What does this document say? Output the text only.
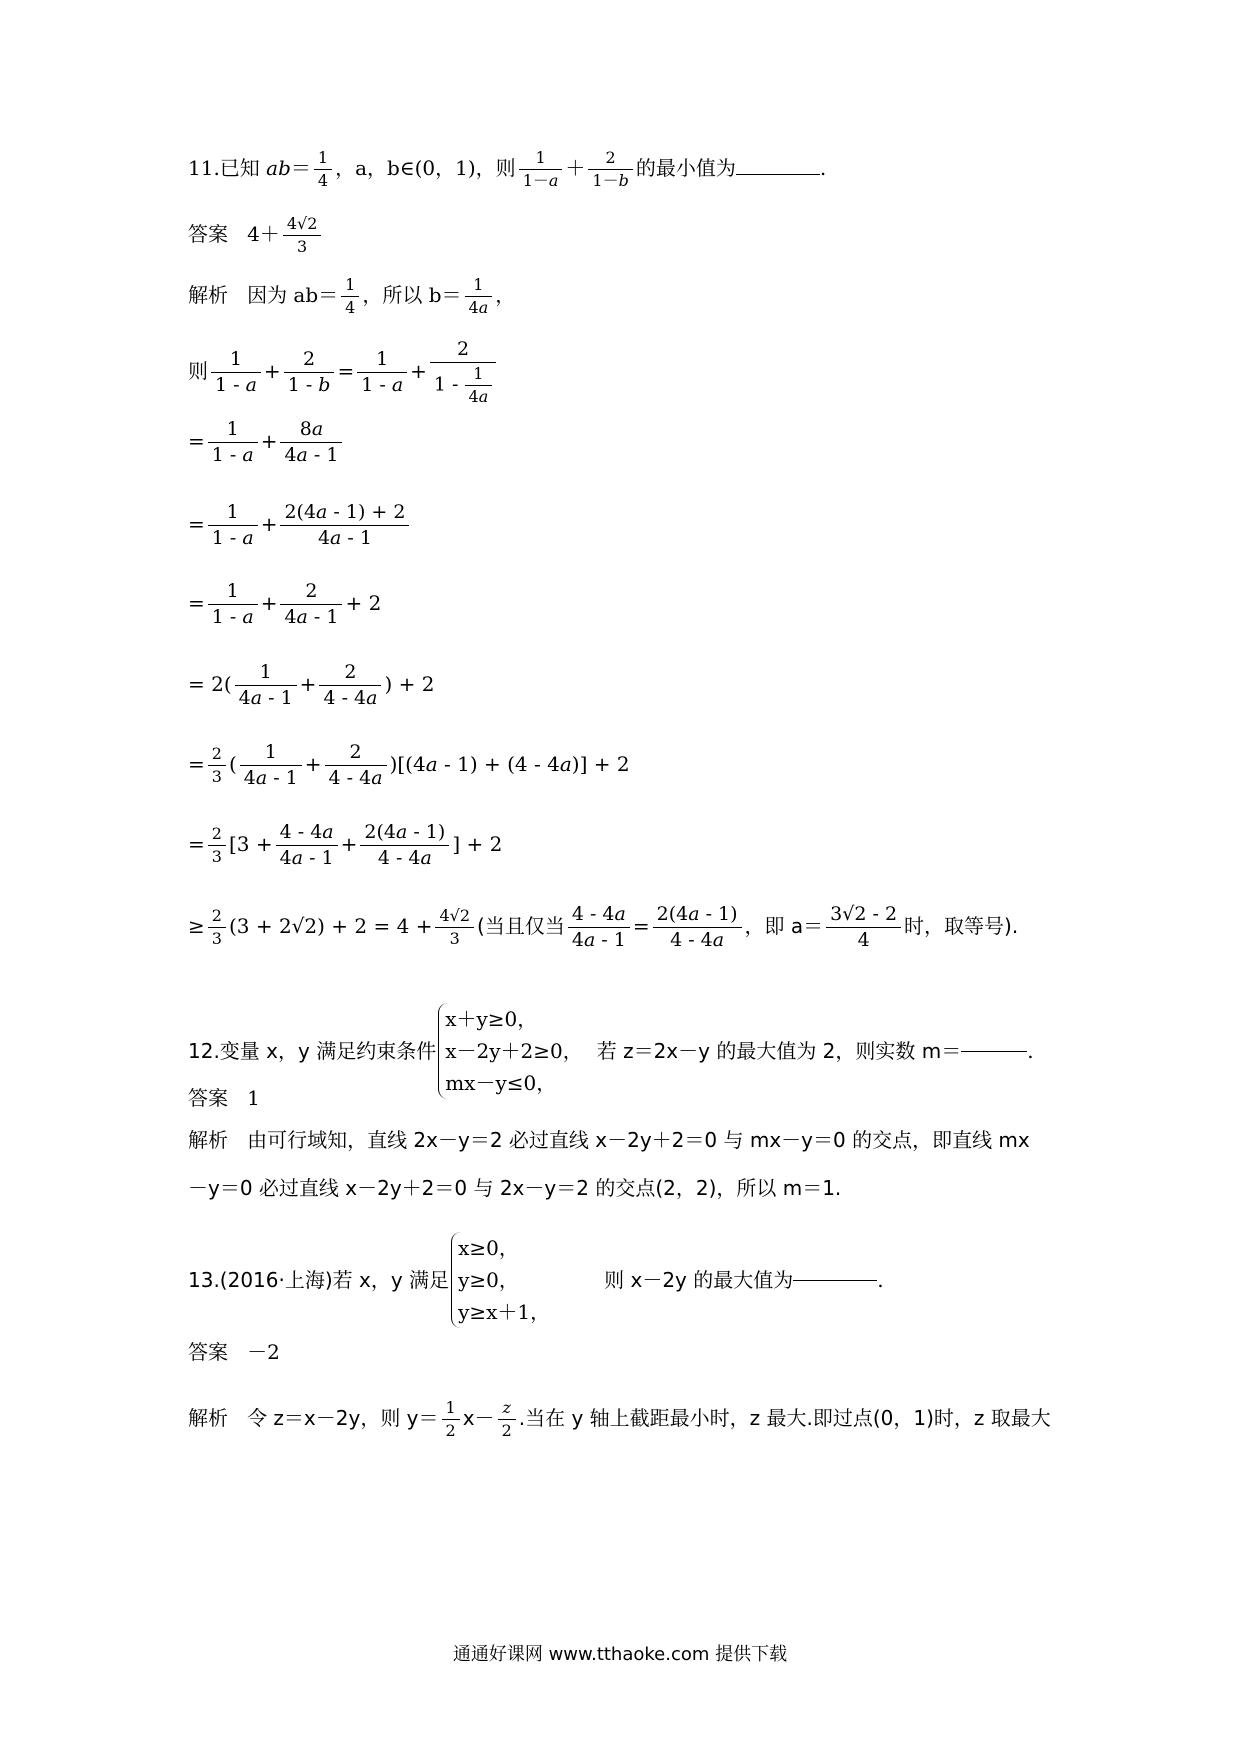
11.已知 $ab= \frac{1}{4}$ ，a，b∈(0，1)，则 $\frac{1}{1-a} + \frac{2}{1-b}$ 的最小值为	.
答案 $4+ \frac{4√2}{3}$
解析 因为 $ab= \frac{1}{4}$ ，所以 $b= \frac{1}{4a}$ ，
则 $\frac{1}{1 - a} + \frac{2}{1 - b} = \frac{1}{1 - a} + \frac{2}{1 - \frac{1}{4a}}$
= $\frac{1}{1 - a} + \frac{8a}{4a - 1}$
= $\frac{1}{1 - a} + \frac{2(4a - 1) + 2}{4a - 1}$
= $\frac{1}{1 - a} + \frac{2}{4a - 1} + 2$
= $2( \frac{1}{4a - 1} + \frac{2}{4 - 4a}$ ) + 2
= $\frac{2}{3}$ ( $\frac{1}{4a - 1} + \frac{2}{4 - 4a} )[(4a - 1) + (4 - 4a)] + 2$
= $\frac{2}{3} [3 + \frac{4 - 4a}{4a - 1} + \frac{2(4a - 1)}{4 - 4a}$ ] + 2
≥ $\frac{2}{3} (3 + 2√2) + 2 = 4 + \frac{4√2}{3}$ (当且仅当 $\frac{4 - 4a}{4a - 1} = \frac{2(4a - 1)}{4 - 4a}$ ，即 $a= \frac{3√2 - 2}{4}$ 时，取等号).
12.变量 x，y 满足约束条件
x＋y≥0，
x－2y＋2≥0，
mx－y≤0，
若 z＝2x－y 的最大值为 2，则实数 m＝	.
答案 1
解析 由可行域知，直线 2x－y＝2 必过直线 x－2y＋2＝0 与 mx－y＝0 的交点，即直线 mx
－y＝0 必过直线 x－2y＋2＝0 与 2x－y＝2 的交点(2，2)，所以 m＝1.
13.(2016·上海)若 x，y 满足
x≥0，
y≥0，
y≥x＋1，
则 x－2y 的最大值为	.
答案 －2
解析 令 z＝x－2y，则 $y= \frac{1}{2} x- \frac{z}{2}$ .当在 y 轴上截距最小时，z 最大.即过点(0，1)时，z 取最大
通通好课网 www.tthaoke.com 提供下载
